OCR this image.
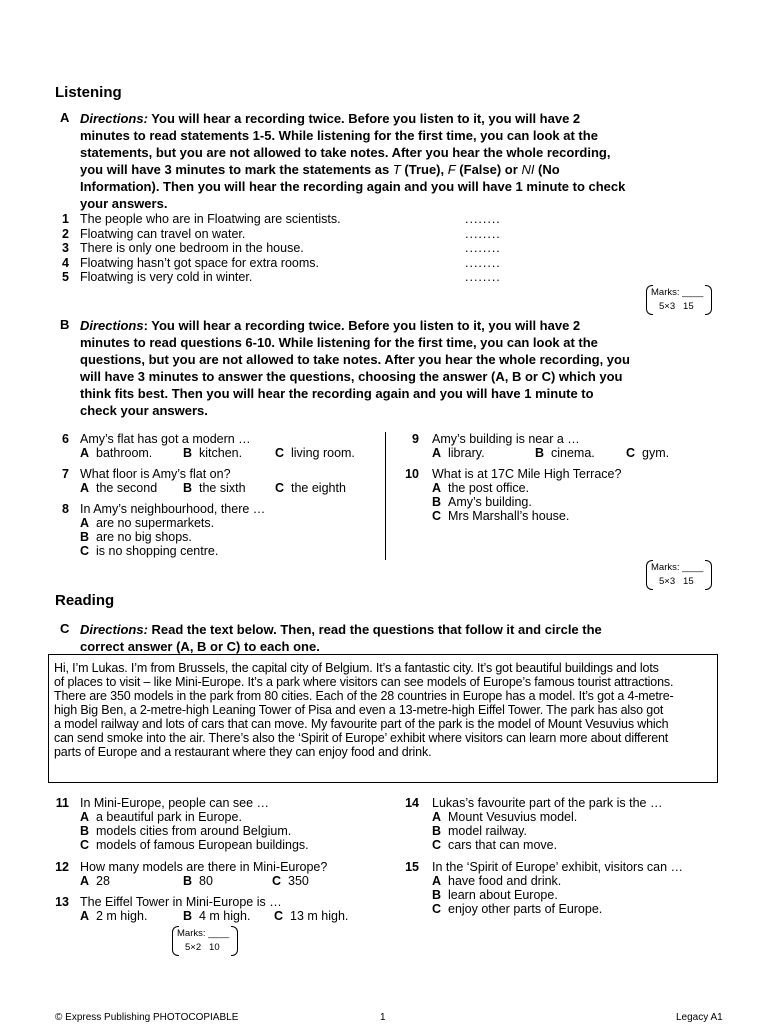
Listening
A Directions: You will hear a recording twice. Before you listen to it, you will have 2
minutes to read statements 1-5. While listening for the first time, you can look at the
statements, but you are not allowed to take notes. After you hear the whole recording,
you will have 3 minutes to mark the statements as T (True), F (False) or NI (No
Information). Then you will hear the recording again and you will have 1 minute to check
your answers.
1 The people who are in Floatwing are scientists.	........
2 Floatwing can travel on water.	........
3 There is only one bedroom in the house.	........
4 Floatwing hasn’t got space for extra rooms.	........
5 Floatwing is very cold in winter.	........
Marks: ____
5×3 15
B Directions: You will hear a recording twice. Before you listen to it, you will have 2
minutes to read questions 6-10. While listening for the first time, you can look at the
questions, but you are not allowed to take notes. After you hear the whole recording, you
will have 3 minutes to answer the questions, choosing the answer (A, B or C) which you
think fits best. Then you will hear the recording again and you will have 1 minute to
check your answers.
6 Amy’s flat has got a modern …
A bathroom. B kitchen.	C living room.
7 What floor is Amy’s flat on?
A the second B the sixth C the eighth
8 In Amy’s neighbourhood, there …
A are no supermarkets.
B are no big shops.
C is no shopping centre.
9 Amy’s building is near a …
A library.	B cinema. C gym.
10 What is at 17C Mile High Terrace?
A the post office.
B Amy’s building.
C Mrs Marshall’s house.
Marks: ____
5×3 15
Reading
C Directions: Read the text below. Then, read the questions that follow it and circle the
correct answer (A, B or C) to each one.
Hi, I’m Lukas. I’m from Brussels, the capital city of Belgium. It’s a fantastic city. It’s got beautiful buildings and lots
of places to visit – like Mini-Europe. It’s a park where visitors can see models of Europe’s famous tourist attractions.
There are 350 models in the park from 80 cities. Each of the 28 countries in Europe has a model. It’s got a 4-metre-
high Big Ben, a 2-metre-high Leaning Tower of Pisa and even a 13-metre-high Eiffel Tower. The park has also got
a model railway and lots of cars that can move. My favourite part of the park is the model of Mount Vesuvius which
can send smoke into the air. There’s also the ‘Spirit of Europe’ exhibit where visitors can learn more about different
parts of Europe and a restaurant where they can enjoy food and drink.
11 In Mini-Europe, people can see …
A a beautiful park in Europe.
B models cities from around Belgium.
C models of famous European buildings.
12 How many models are there in Mini-Europe?
A 28	B 80	C 350
13 The Eiffel Tower in Mini-Europe is …
A 2 m high.	B 4 m high. C 13 m high.
Marks: ____
5×2 10
14 Lukas’s favourite part of the park is the …
A Mount Vesuvius model.
B model railway.
C cars that can move.
15 In the ‘Spirit of Europe’ exhibit, visitors can …
A have food and drink.
B learn about Europe.
C enjoy other parts of Europe.
© Express Publishing PHOTOCOPIABLE	1	Legacy A1
